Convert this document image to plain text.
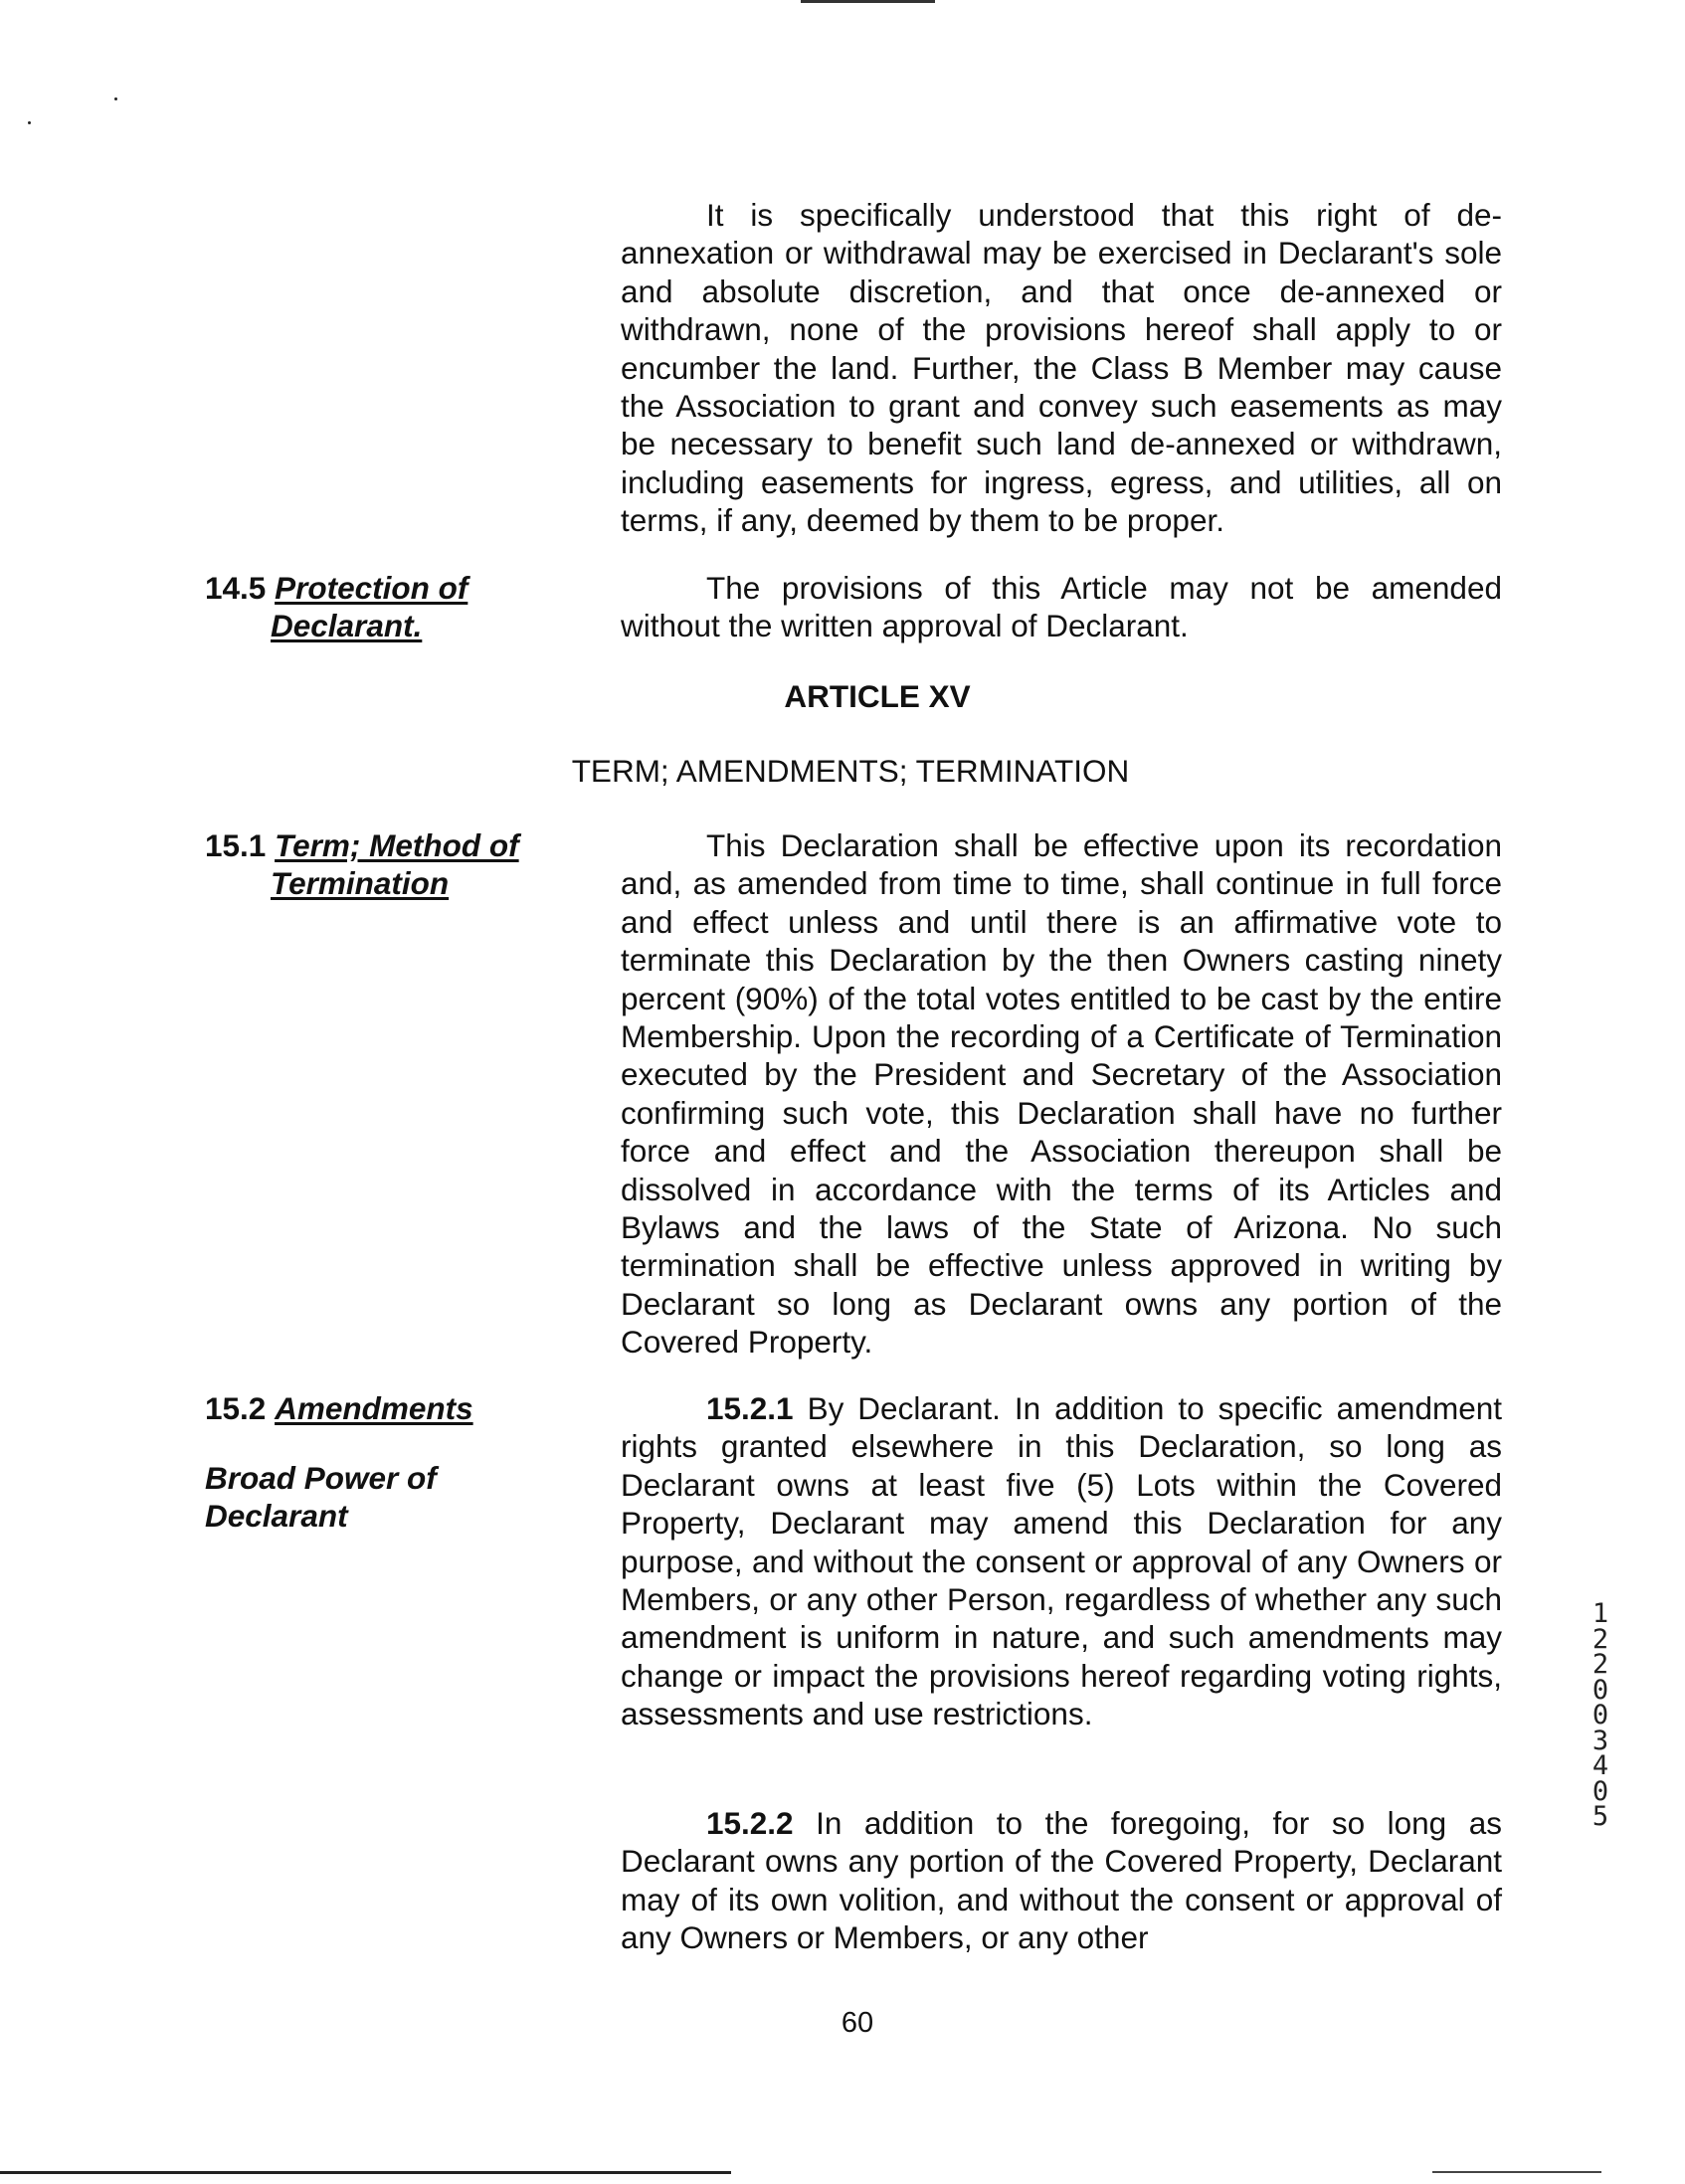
It is specifically understood that this right of de-annexation or withdrawal may be exercised in Declarant's sole and absolute discretion, and that once de-annexed or withdrawn, none of the provisions hereof shall apply to or encumber the land. Further, the Class B Member may cause the Association to grant and convey such easements as may be necessary to benefit such land de-annexed or withdrawn, including easements for ingress, egress, and utilities, all on terms, if any, deemed by them to be proper.

14.5 Protection of
Declarant.

The provisions of this Article may not be amended without the written approval of Declarant.

ARTICLE XV

TERM; AMENDMENTS; TERMINATION

15.1 Term; Method of
Termination

This Declaration shall be effective upon its recordation and, as amended from time to time, shall continue in full force and effect unless and until there is an affirmative vote to terminate this Declaration by the then Owners casting ninety percent (90%) of the total votes entitled to be cast by the entire Membership. Upon the recording of a Certificate of Termination executed by the President and Secretary of the Association confirming such vote, this Declaration shall have no further force and effect and the Association thereupon shall be dissolved in accordance with the terms of its Articles and Bylaws and the laws of the State of Arizona. No such termination shall be effective unless approved in writing by Declarant so long as Declarant owns any portion of the Covered Property.

15.2 Amendments

Broad Power of Declarant

15.2.1 By Declarant. In addition to specific amendment rights granted elsewhere in this Declaration, so long as Declarant owns at least five (5) Lots within the Covered Property, Declarant may amend this Declaration for any purpose, and without the consent or approval of any Owners or Members, or any other Person, regardless of whether any such amendment is uniform in nature, and such amendments may change or impact the provisions hereof regarding voting rights, assessments and use restrictions.

15.2.2 In addition to the foregoing, for so long as Declarant owns any portion of the Covered Property, Declarant may of its own volition, and without the consent or approval of any Owners or Members, or any other

60

1220 0340 5
